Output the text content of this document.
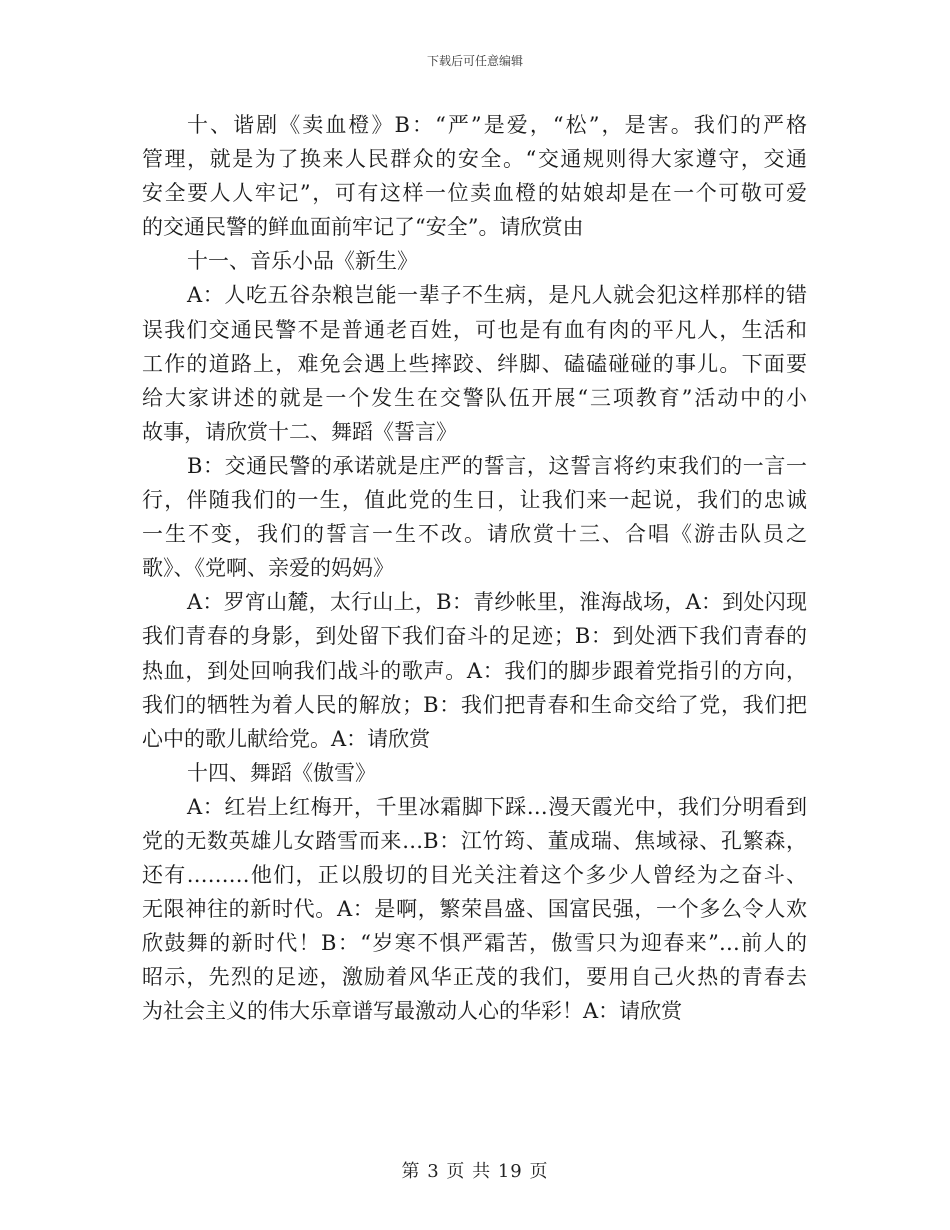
下载后可任意编辑
十、谐剧《卖血橙》B：“严”是爱，“松”，是害。我们的严格
管理，就是为了换来人民群众的安全。“交通规则得大家遵守，交通
安全要人人牢记”，可有这样一位卖血橙的姑娘却是在一个可敬可爱
的交通民警的鲜血面前牢记了“安全”。请欣赏由
十一、音乐小品《新生》
A：人吃五谷杂粮岂能一辈子不生病，是凡人就会犯这样那样的错
误我们交通民警不是普通老百姓，可也是有血有肉的平凡人，生活和
工作的道路上，难免会遇上些摔跤、绊脚、磕磕碰碰的事儿。下面要
给大家讲述的就是一个发生在交警队伍开展“三项教育”活动中的小
故事，请欣赏十二、舞蹈《誓言》
B：交通民警的承诺就是庄严的誓言，这誓言将约束我们的一言一
行，伴随我们的一生，值此党的生日，让我们来一起说，我们的忠诚
一生不变，我们的誓言一生不改。请欣赏十三、合唱《游击队员之
歌》、《党啊、亲爱的妈妈》
A：罗宵山麓，太行山上，B：青纱帐里，淮海战场，A：到处闪现
我们青春的身影，到处留下我们奋斗的足迹；B：到处洒下我们青春的
热血，到处回响我们战斗的歌声。A：我们的脚步跟着党指引的方向，
我们的牺牲为着人民的解放；B：我们把青春和生命交给了党，我们把
心中的歌儿献给党。A：请欣赏
十四、舞蹈《傲雪》
A：红岩上红梅开，千里冰霜脚下踩…漫天霞光中，我们分明看到
党的无数英雄儿女踏雪而来…B：江竹筠、董成瑞、焦域禄、孔繁森，
还有………他们，正以殷切的目光关注着这个多少人曾经为之奋斗、
无限神往的新时代。A：是啊，繁荣昌盛、国富民强，一个多么令人欢
欣鼓舞的新时代！B：“岁寒不惧严霜苦，傲雪只为迎春来”…前人的
昭示，先烈的足迹，激励着风华正茂的我们，要用自己火热的青春去
为社会主义的伟大乐章谱写最激动人心的华彩！A：请欣赏
第 3 页 共 19 页
